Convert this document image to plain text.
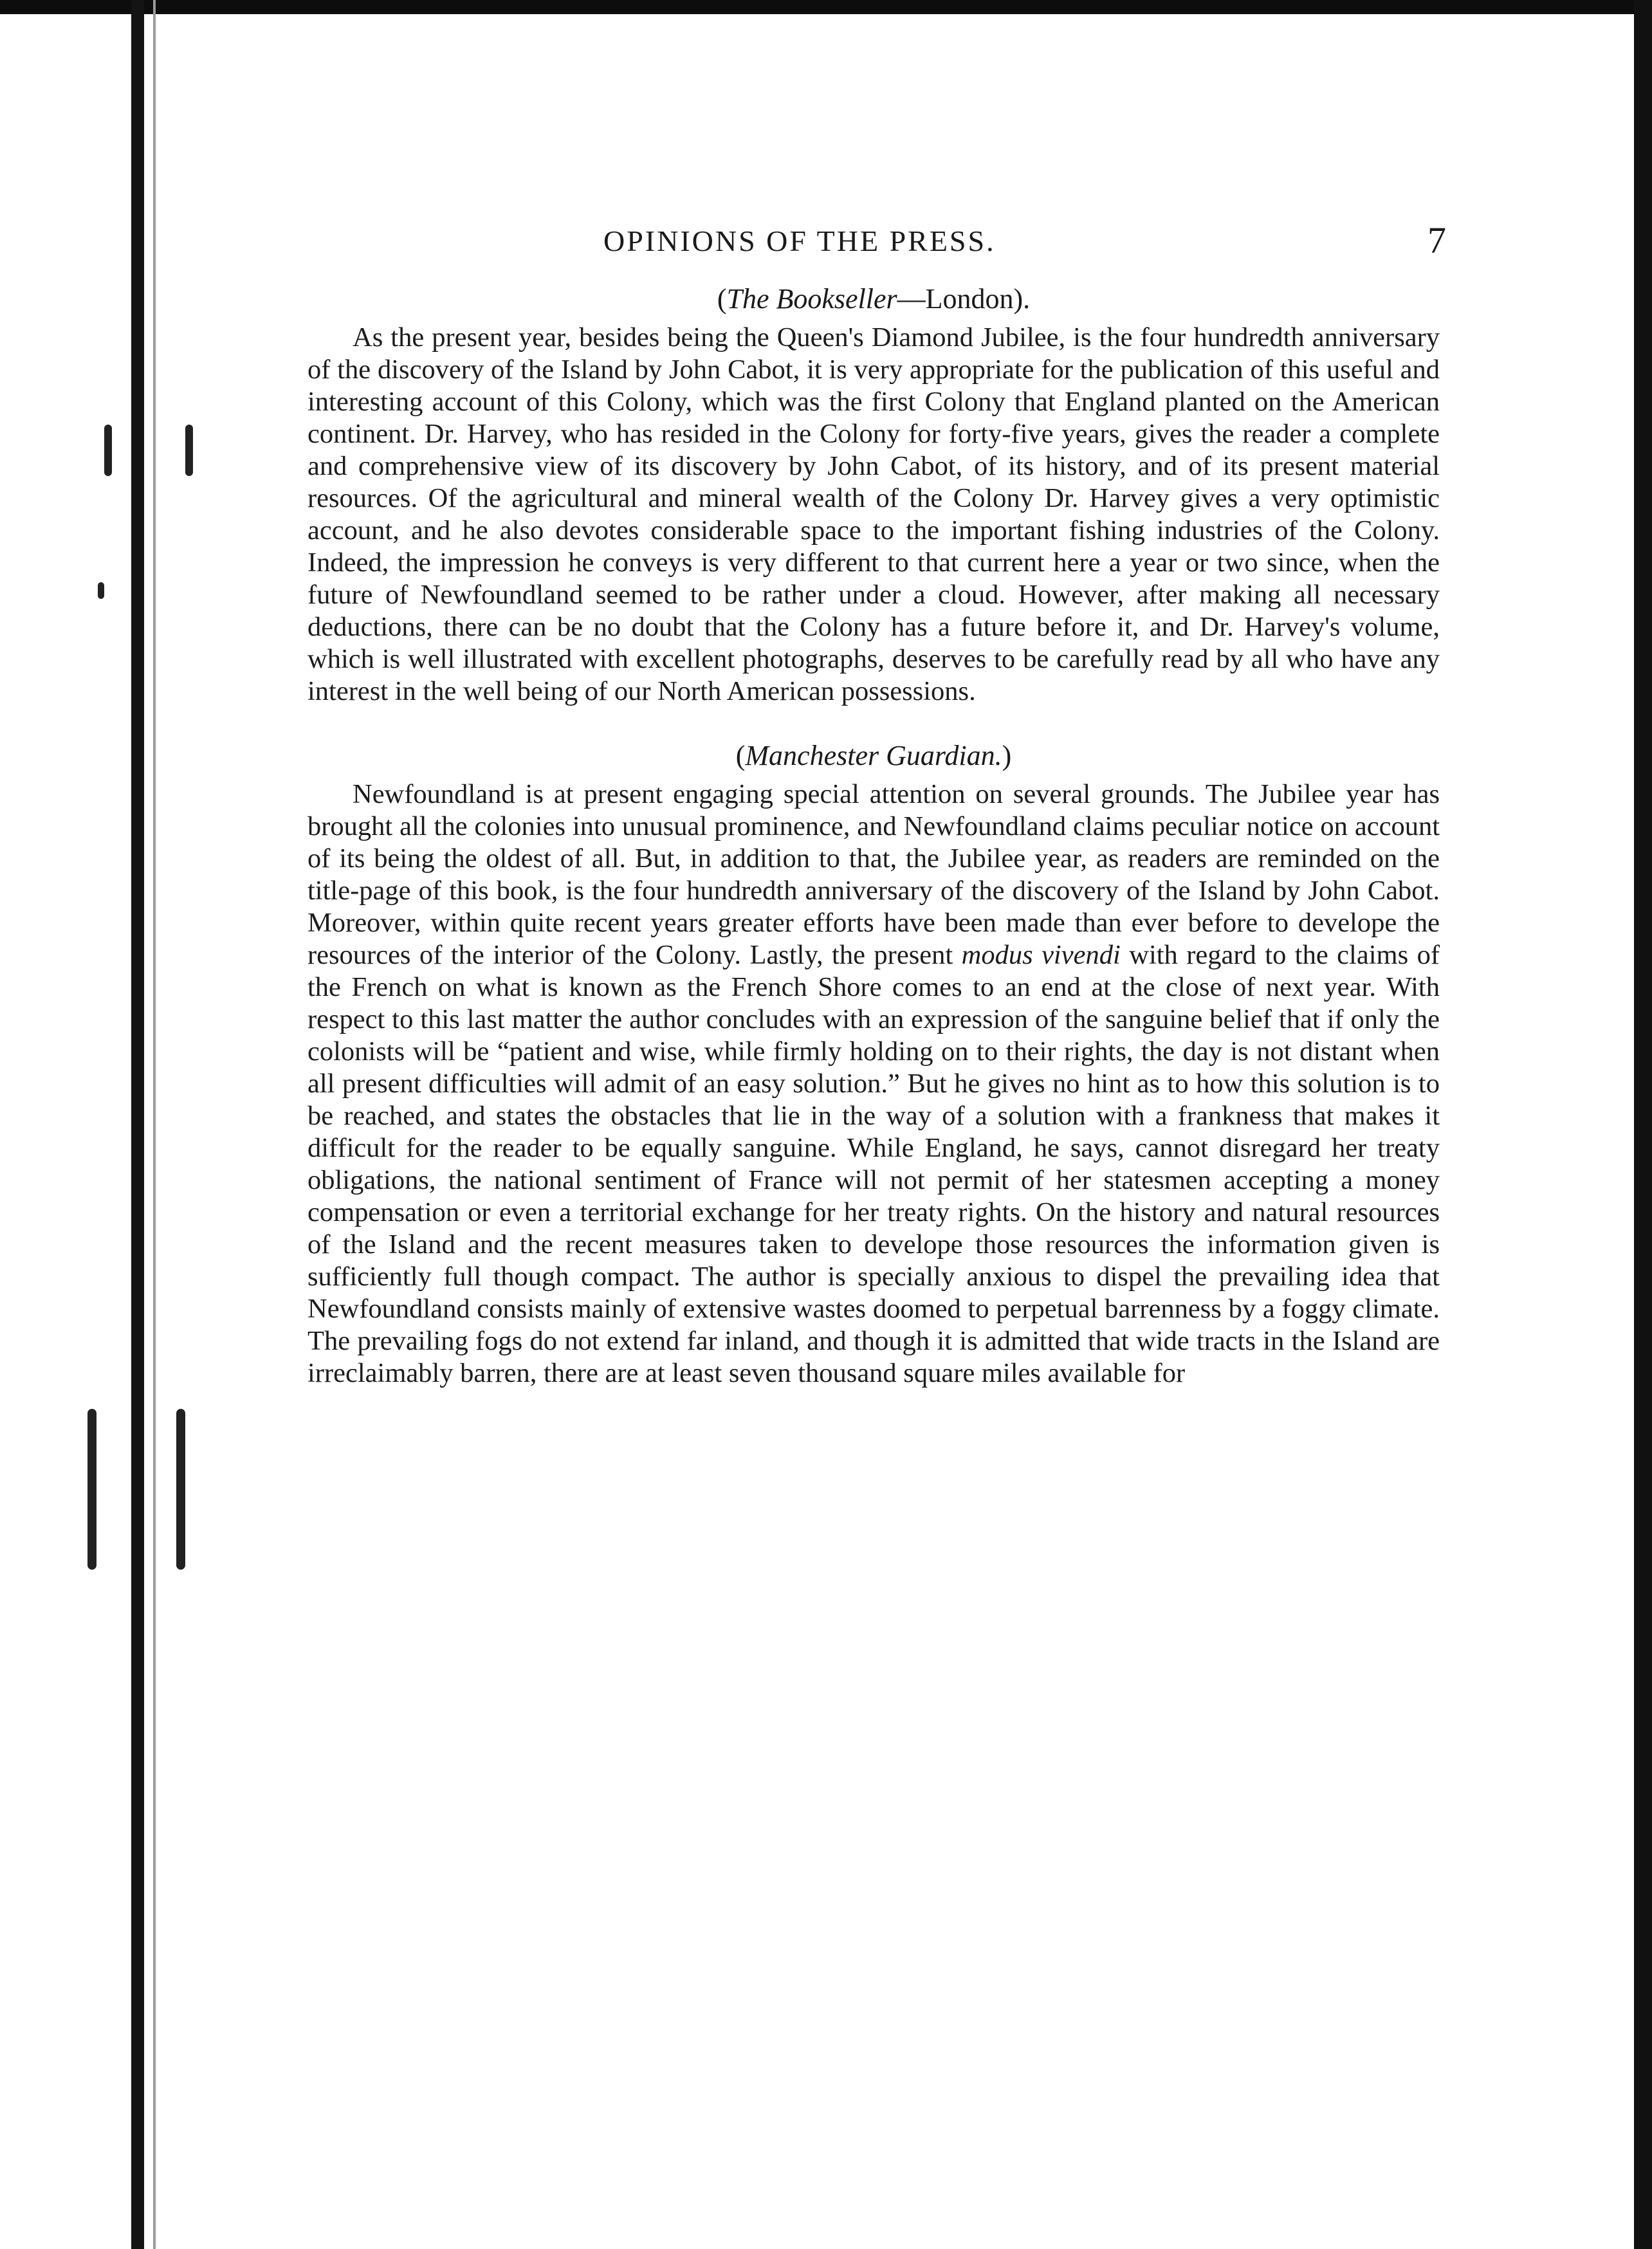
OPINIONS OF THE PRESS.	7

(The Bookseller—London).

As the present year, besides being the Queen's Diamond Jubilee, is the four hundredth anniversary of the discovery of the Island by John Cabot, it is very appropriate for the publication of this useful and interesting account of this Colony, which was the first Colony that England planted on the American continent. Dr. Harvey, who has resided in the Colony for forty-five years, gives the reader a complete and comprehensive view of its discovery by John Cabot, of its history, and of its present material resources. Of the agricultural and mineral wealth of the Colony Dr. Harvey gives a very optimistic account, and he also devotes considerable space to the important fishing industries of the Colony. Indeed, the impression he conveys is very different to that current here a year or two since, when the future of Newfoundland seemed to be rather under a cloud. However, after making all necessary deductions, there can be no doubt that the Colony has a future before it, and Dr. Harvey's volume, which is well illustrated with excellent photographs, deserves to be carefully read by all who have any interest in the well being of our North American possessions.

(Manchester Guardian.)

Newfoundland is at present engaging special attention on several grounds. The Jubilee year has brought all the colonies into unusual prominence, and Newfoundland claims peculiar notice on account of its being the oldest of all. But, in addition to that, the Jubilee year, as readers are reminded on the title-page of this book, is the four hundredth anniversary of the discovery of the Island by John Cabot. Moreover, within quite recent years greater efforts have been made than ever before to develope the resources of the interior of the Colony. Lastly, the present modus vivendi with regard to the claims of the French on what is known as the French Shore comes to an end at the close of next year. With respect to this last matter the author concludes with an expression of the sanguine belief that if only the colonists will be “patient and wise, while firmly holding on to their rights, the day is not distant when all present difficulties will admit of an easy solution.” But he gives no hint as to how this solution is to be reached, and states the obstacles that lie in the way of a solution with a frankness that makes it difficult for the reader to be equally sanguine. While England, he says, cannot disregard her treaty obligations, the national sentiment of France will not permit of her statesmen accepting a money compensation or even a territorial exchange for her treaty rights. On the history and natural resources of the Island and the recent measures taken to develope those resources the information given is sufficiently full though compact. The author is specially anxious to dispel the prevailing idea that Newfoundland consists mainly of extensive wastes doomed to perpetual barrenness by a foggy climate. The prevailing fogs do not extend far inland, and though it is admitted that wide tracts in the Island are irreclaimably barren, there are at least seven thousand square miles available for
